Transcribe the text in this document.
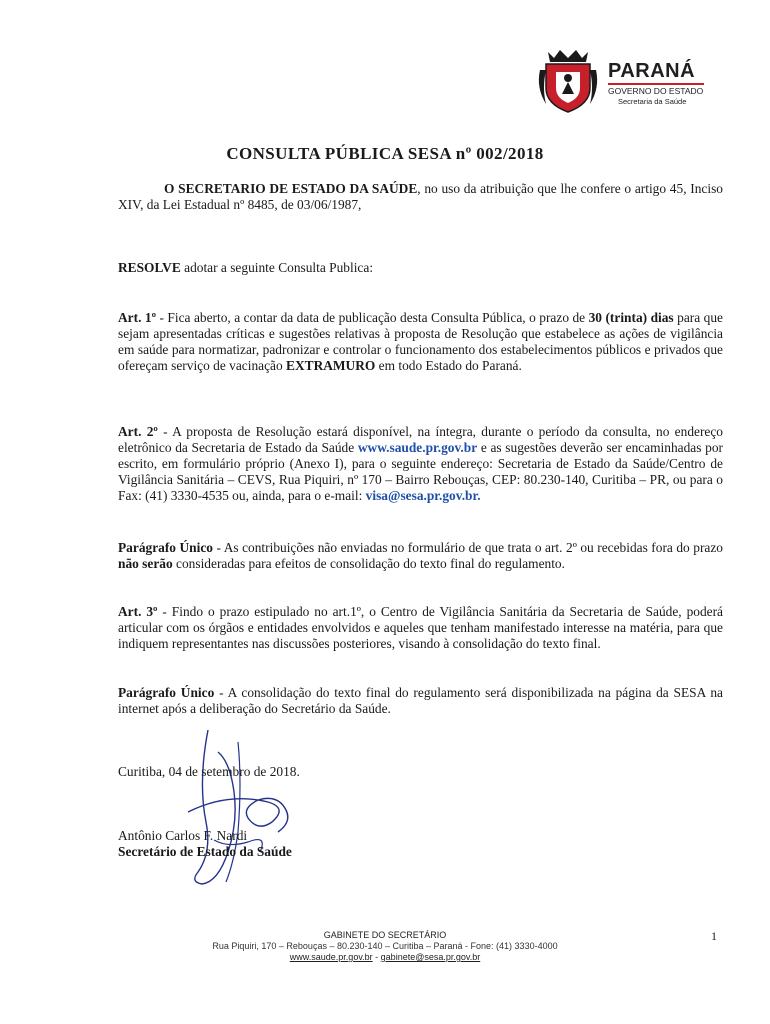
PARANÁ
GOVERNO DO ESTADO
Secretaria da Saúde
CONSULTA PÚBLICA SESA nº 002/2018

O SECRETARIO DE ESTADO DA SAÚDE, no uso da atribuição que lhe confere o artigo 45, Inciso XIV, da Lei Estadual nº 8485, de 03/06/1987,

RESOLVE adotar a seguinte Consulta Publica:

Art. 1º - Fica aberto, a contar da data de publicação desta Consulta Pública, o prazo de 30 (trinta) dias para que sejam apresentadas críticas e sugestões relativas à proposta de Resolução que estabelece as ações de vigilância em saúde para normatizar, padronizar e controlar o funcionamento dos estabelecimentos públicos e privados que ofereçam serviço de vacinação EXTRAMURO em todo Estado do Paraná.

Art. 2º - A proposta de Resolução estará disponível, na íntegra, durante o período da consulta, no endereço eletrônico da Secretaria de Estado da Saúde www.saude.pr.gov.br e as sugestões deverão ser encaminhadas por escrito, em formulário próprio (Anexo I), para o seguinte endereço: Secretaria de Estado da Saúde/Centro de Vigilância Sanitária – CEVS, Rua Piquiri, nº 170 – Bairro Rebouças, CEP: 80.230-140, Curitiba – PR, ou para o Fax: (41) 3330-4535 ou, ainda, para o e-mail: visa@sesa.pr.gov.br.

Parágrafo Único - As contribuições não enviadas no formulário de que trata o art. 2º ou recebidas fora do prazo não serão consideradas para efeitos de consolidação do texto final do regulamento.

Art. 3º - Findo o prazo estipulado no art.1º, o Centro de Vigilância Sanitária da Secretaria de Saúde, poderá articular com os órgãos e entidades envolvidos e aqueles que tenham manifestado interesse na matéria, para que indiquem representantes nas discussões posteriores, visando à consolidação do texto final.

Parágrafo Único - A consolidação do texto final do regulamento será disponibilizada na página da SESA na internet após a deliberação do Secretário da Saúde.

Curitiba, 04 de setembro de 2018.
Antônio Carlos F. Nardi
Secretário de Estado da Saúde
GABINETE DO SECRETÁRIO
Rua Piquiri, 170 – Rebouças – 80.230-140 – Curitiba – Paraná - Fone: (41) 3330-4000
www.saude.pr.gov.br - gabinete@sesa.pr.gov.br
1
